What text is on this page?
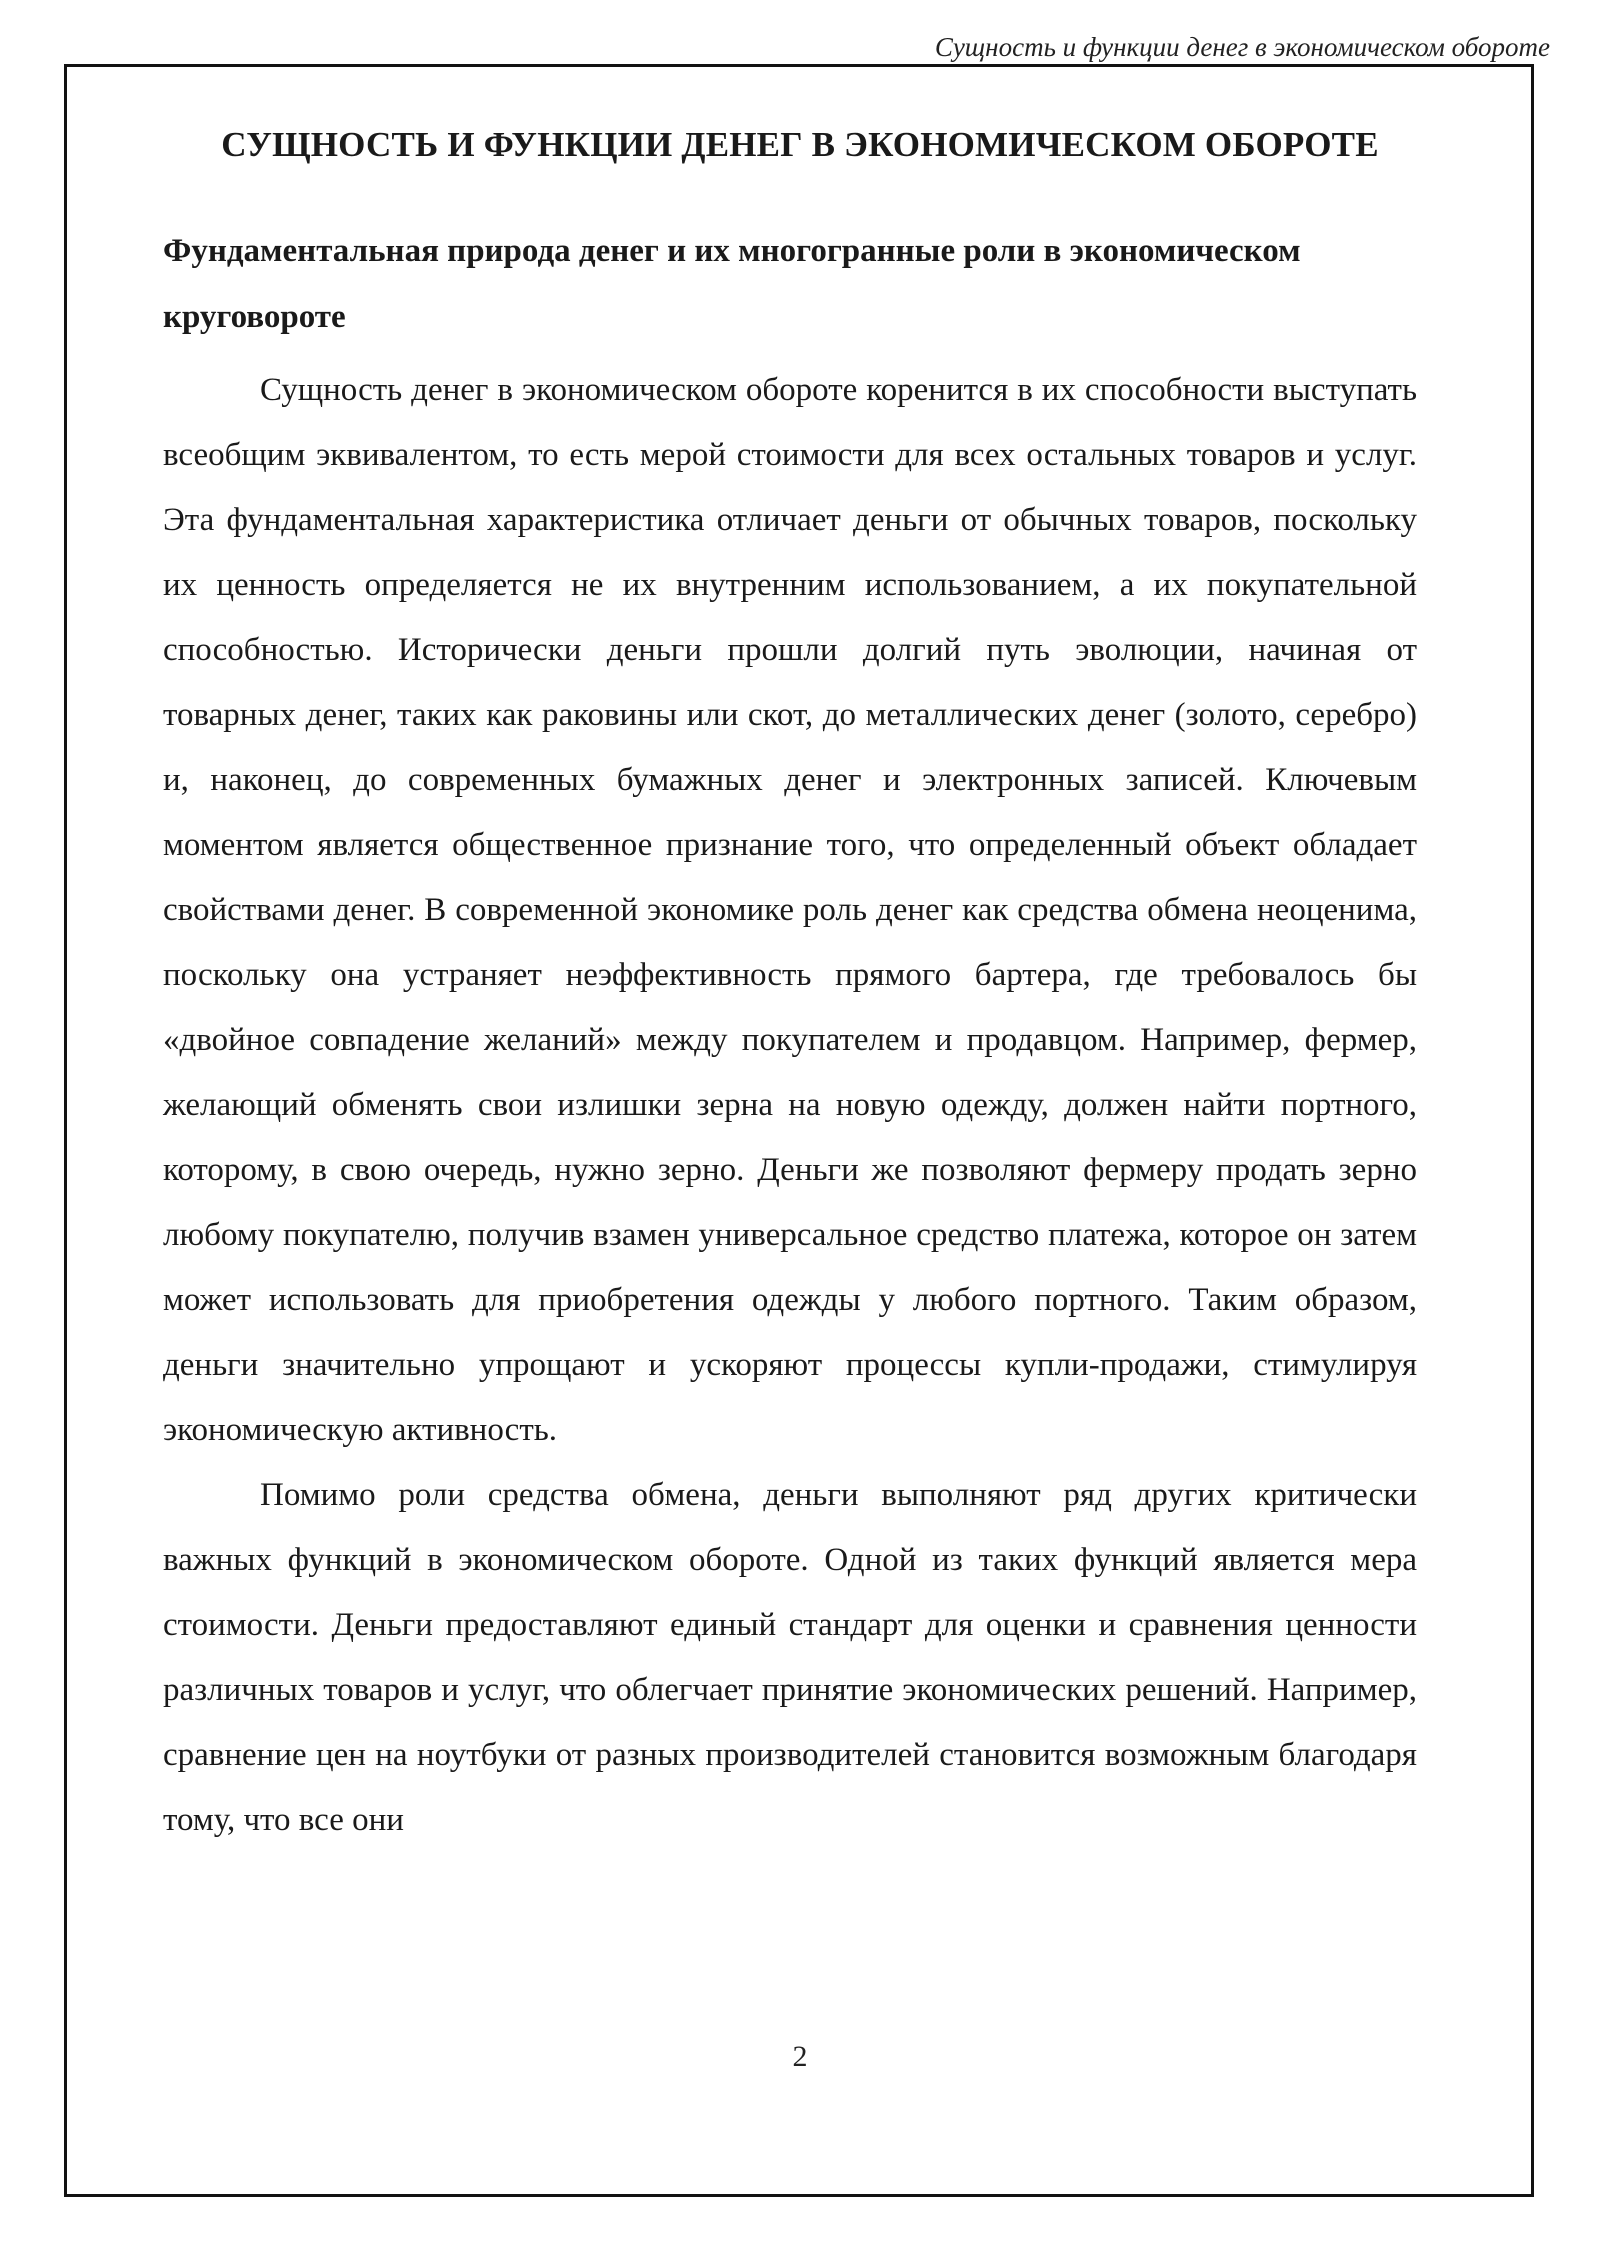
Сущность и функции денег в экономическом обороте
СУЩНОСТЬ И ФУНКЦИИ ДЕНЕГ В ЭКОНОМИЧЕСКОМ ОБОРОТЕ
Фундаментальная природа денег и их многогранные роли в экономическом круговороте

Сущность денег в экономическом обороте коренится в их способности выступать всеобщим эквивалентом, то есть мерой стоимости для всех остальных товаров и услуг. Эта фундаментальная характеристика отличает деньги от обычных товаров, поскольку их ценность определяется не их внутренним использованием, а их покупательной способностью. Исторически деньги прошли долгий путь эволюции, начиная от товарных денег, таких как раковины или скот, до металлических денег (золото, серебро) и, наконец, до современных бумажных денег и электронных записей. Ключевым моментом является общественное признание того, что определенный объект обладает свойствами денег. В современной экономике роль денег как средства обмена неоценима, поскольку она устраняет неэффективность прямого бартера, где требовалось бы «двойное совпадение желаний» между покупателем и продавцом. Например, фермер, желающий обменять свои излишки зерна на новую одежду, должен найти портного, которому, в свою очередь, нужно зерно. Деньги же позволяют фермеру продать зерно любому покупателю, получив взамен универсальное средство платежа, которое он затем может использовать для приобретения одежды у любого портного. Таким образом, деньги значительно упрощают и ускоряют процессы купли-продажи, стимулируя экономическую активность.

Помимо роли средства обмена, деньги выполняют ряд других критически важных функций в экономическом обороте. Одной из таких функций является мера стоимости. Деньги предоставляют единый стандарт для оценки и сравнения ценности различных товаров и услуг, что облегчает принятие экономических решений. Например, сравнение цен на ноутбуки от разных производителей становится возможным благодаря тому, что все они

2
